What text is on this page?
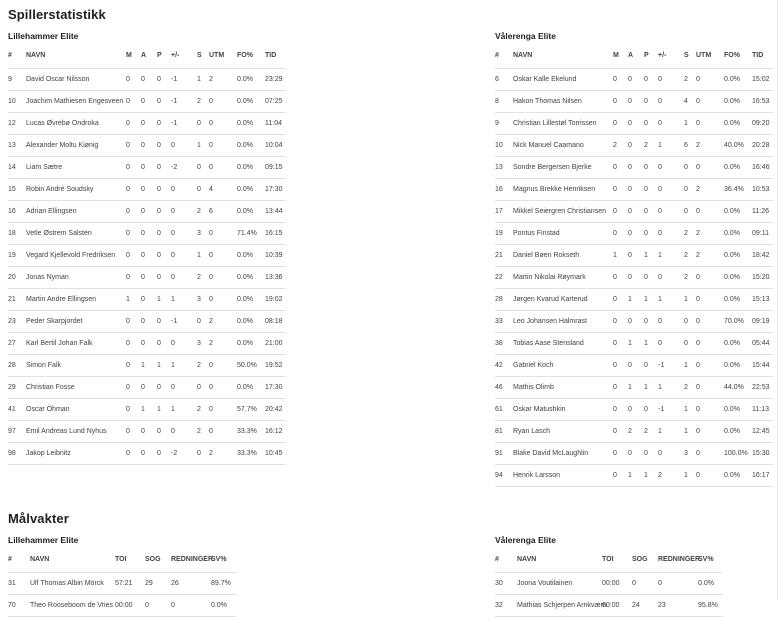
Spillerstatistikk
Lillehammer Elite
#	NAVN	M	A	P	+/-	S	UTM	FO%	TID
9	David Oscar Nilsson	0	0	0	-1	1	2	0.0%	23:29
10	Joachim Mathiesen Engesveen	0	0	0	-1	2	0	0.0%	07:25
12	Lucas Øvrebø Ondroka	0	0	0	-1	0	0	0.0%	11:04
13	Alexander Moltu Kiønig	0	0	0	0	1	0	0.0%	10:04
14	Liam Sætre	0	0	0	-2	0	0	0.0%	09:15
15	Robin André Soudsky	0	0	0	0	0	4	0.0%	17:30
16	Adrian Ellingsen	0	0	0	0	2	6	0.0%	13:44
18	Vetle Østrem Salsten	0	0	0	0	3	0	71.4%	16:15
19	Vegard Kjellevold Fredriksen	0	0	0	0	1	0	0.0%	10:39
20	Jonas Nyman	0	0	0	0	2	0	0.0%	13:36
21	Martin Andre Ellingsen	1	0	1	1	3	0	0.0%	19:02
23	Peder Skarpjordet	0	0	0	-1	0	2	0.0%	08:18
27	Karl Bertil Johan Falk	0	0	0	0	3	2	0.0%	21:00
28	Simon Falk	0	1	1	1	2	0	50.0%	19:52
29	Christian Fosse	0	0	0	0	0	0	0.0%	17:30
41	Oscar Öhman	0	1	1	1	2	0	57.7%	20:42
97	Emil Andreas Lund Nyhus	0	0	0	0	2	0	33.3%	16:12
98	Jakop Leibnitz	0	0	0	-2	0	2	33.3%	10:45
Vålerenga Elite
#	NAVN	M	A	P	+/-	S	UTM	FO%	TID
6	Oskar Kalle Ekelund	0	0	0	0	2	0	0.0%	15:02
8	Hakon Thomas Nilsen	0	0	0	0	4	0	0.0%	16:53
9	Christian Lillestøl Torrissen	0	0	0	0	1	0	0.0%	09:20
10	Nick Manuel Caamano	2	0	2	1	6	2	40.0%	20:28
13	Sondre Bergersen Bjerke	0	0	0	0	0	0	0.0%	16:46
16	Magnus Brekke Henriksen	0	0	0	0	0	2	36.4%	10:53
17	Mikkel Seiergren Christiansen	0	0	0	0	0	0	0.0%	11:26
19	Pontus Finstad	0	0	0	0	2	2	0.0%	09:11
21	Daniel Bøen Rokseth	1	0	1	1	2	2	0.0%	18:42
22	Martin Nikolai Røymark	0	0	0	0	2	0	0.0%	15:20
28	Jørgen Kvarud Karterud	0	1	1	1	1	0	0.0%	15:13
33	Leo Johansen Halmrast	0	0	0	0	0	0	70.0%	09:19
38	Tobias Aase Stensland	0	1	1	0	0	0	0.0%	05:44
42	Gabriel Koch	0	0	0	-1	1	0	0.0%	15:44
46	Mathis Olimb	0	1	1	1	2	0	44.0%	22:53
61	Oskar Matushkin	0	0	0	-1	1	0	0.0%	11:13
81	Ryan Lasch	0	2	2	1	1	0	0.0%	12:45
91	Blake David McLaughlin	0	0	0	0	3	0	100.0%	15:30
94	Henrik Larsson	0	1	1	2	1	0	0.0%	16:17
Målvakter
Lillehammer Elite
#	NAVN	TOI	SOG	REDNINGER	SV%
31	Ulf Thomas Albin Mörck	57:21	29	26	89.7%
70	Theo Rooseboom de Vries	00:00	0	0	0.0%
Vålerenga Elite
#	NAVN	TOI	SOG	REDNINGER	SV%
30	Joona Voutilainen	00:00	0	0	0.0%
32	Mathias Schjerpen Arnkværn	60:00	24	23	95.8%
